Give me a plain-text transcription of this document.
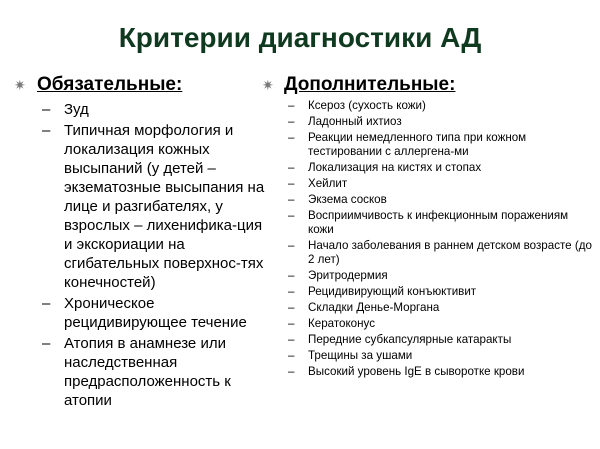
Критерии диагностики АД
✷ Обязательные:
– Зуд
– Типичная морфология и локализация кожных высыпаний (у детей – экзематозные высыпания на лице и разгибателях, у взрослых – лихенифика-ция и экскориации на сгибательных поверхнос-тях конечностей)
– Хроническое рецидивирующее течение
– Атопия в анамнезе или наследственная предрасположенность к атопии
✷ Дополнительные:
–	Ксероз (сухость кожи)
–	Ладонный ихтиоз
–	Реакции немедленного типа при кожном тестировании с аллергена-ми
–	Локализация на кистях и стопах
–	Хейлит
–	Экзема сосков
–	Восприимчивость к инфекционным поражениям кожи
–	Начало заболевания в раннем детском возрасте (до 2 лет)
–	Эритродермия
–	Рецидивирующий конъюктивит
–	Складки Денье-Моргана
–	Кератоконус
–	Передние субкапсулярные катаракты
–	Трещины за ушами
–	Высокий уровень IgE в сыворотке крови
